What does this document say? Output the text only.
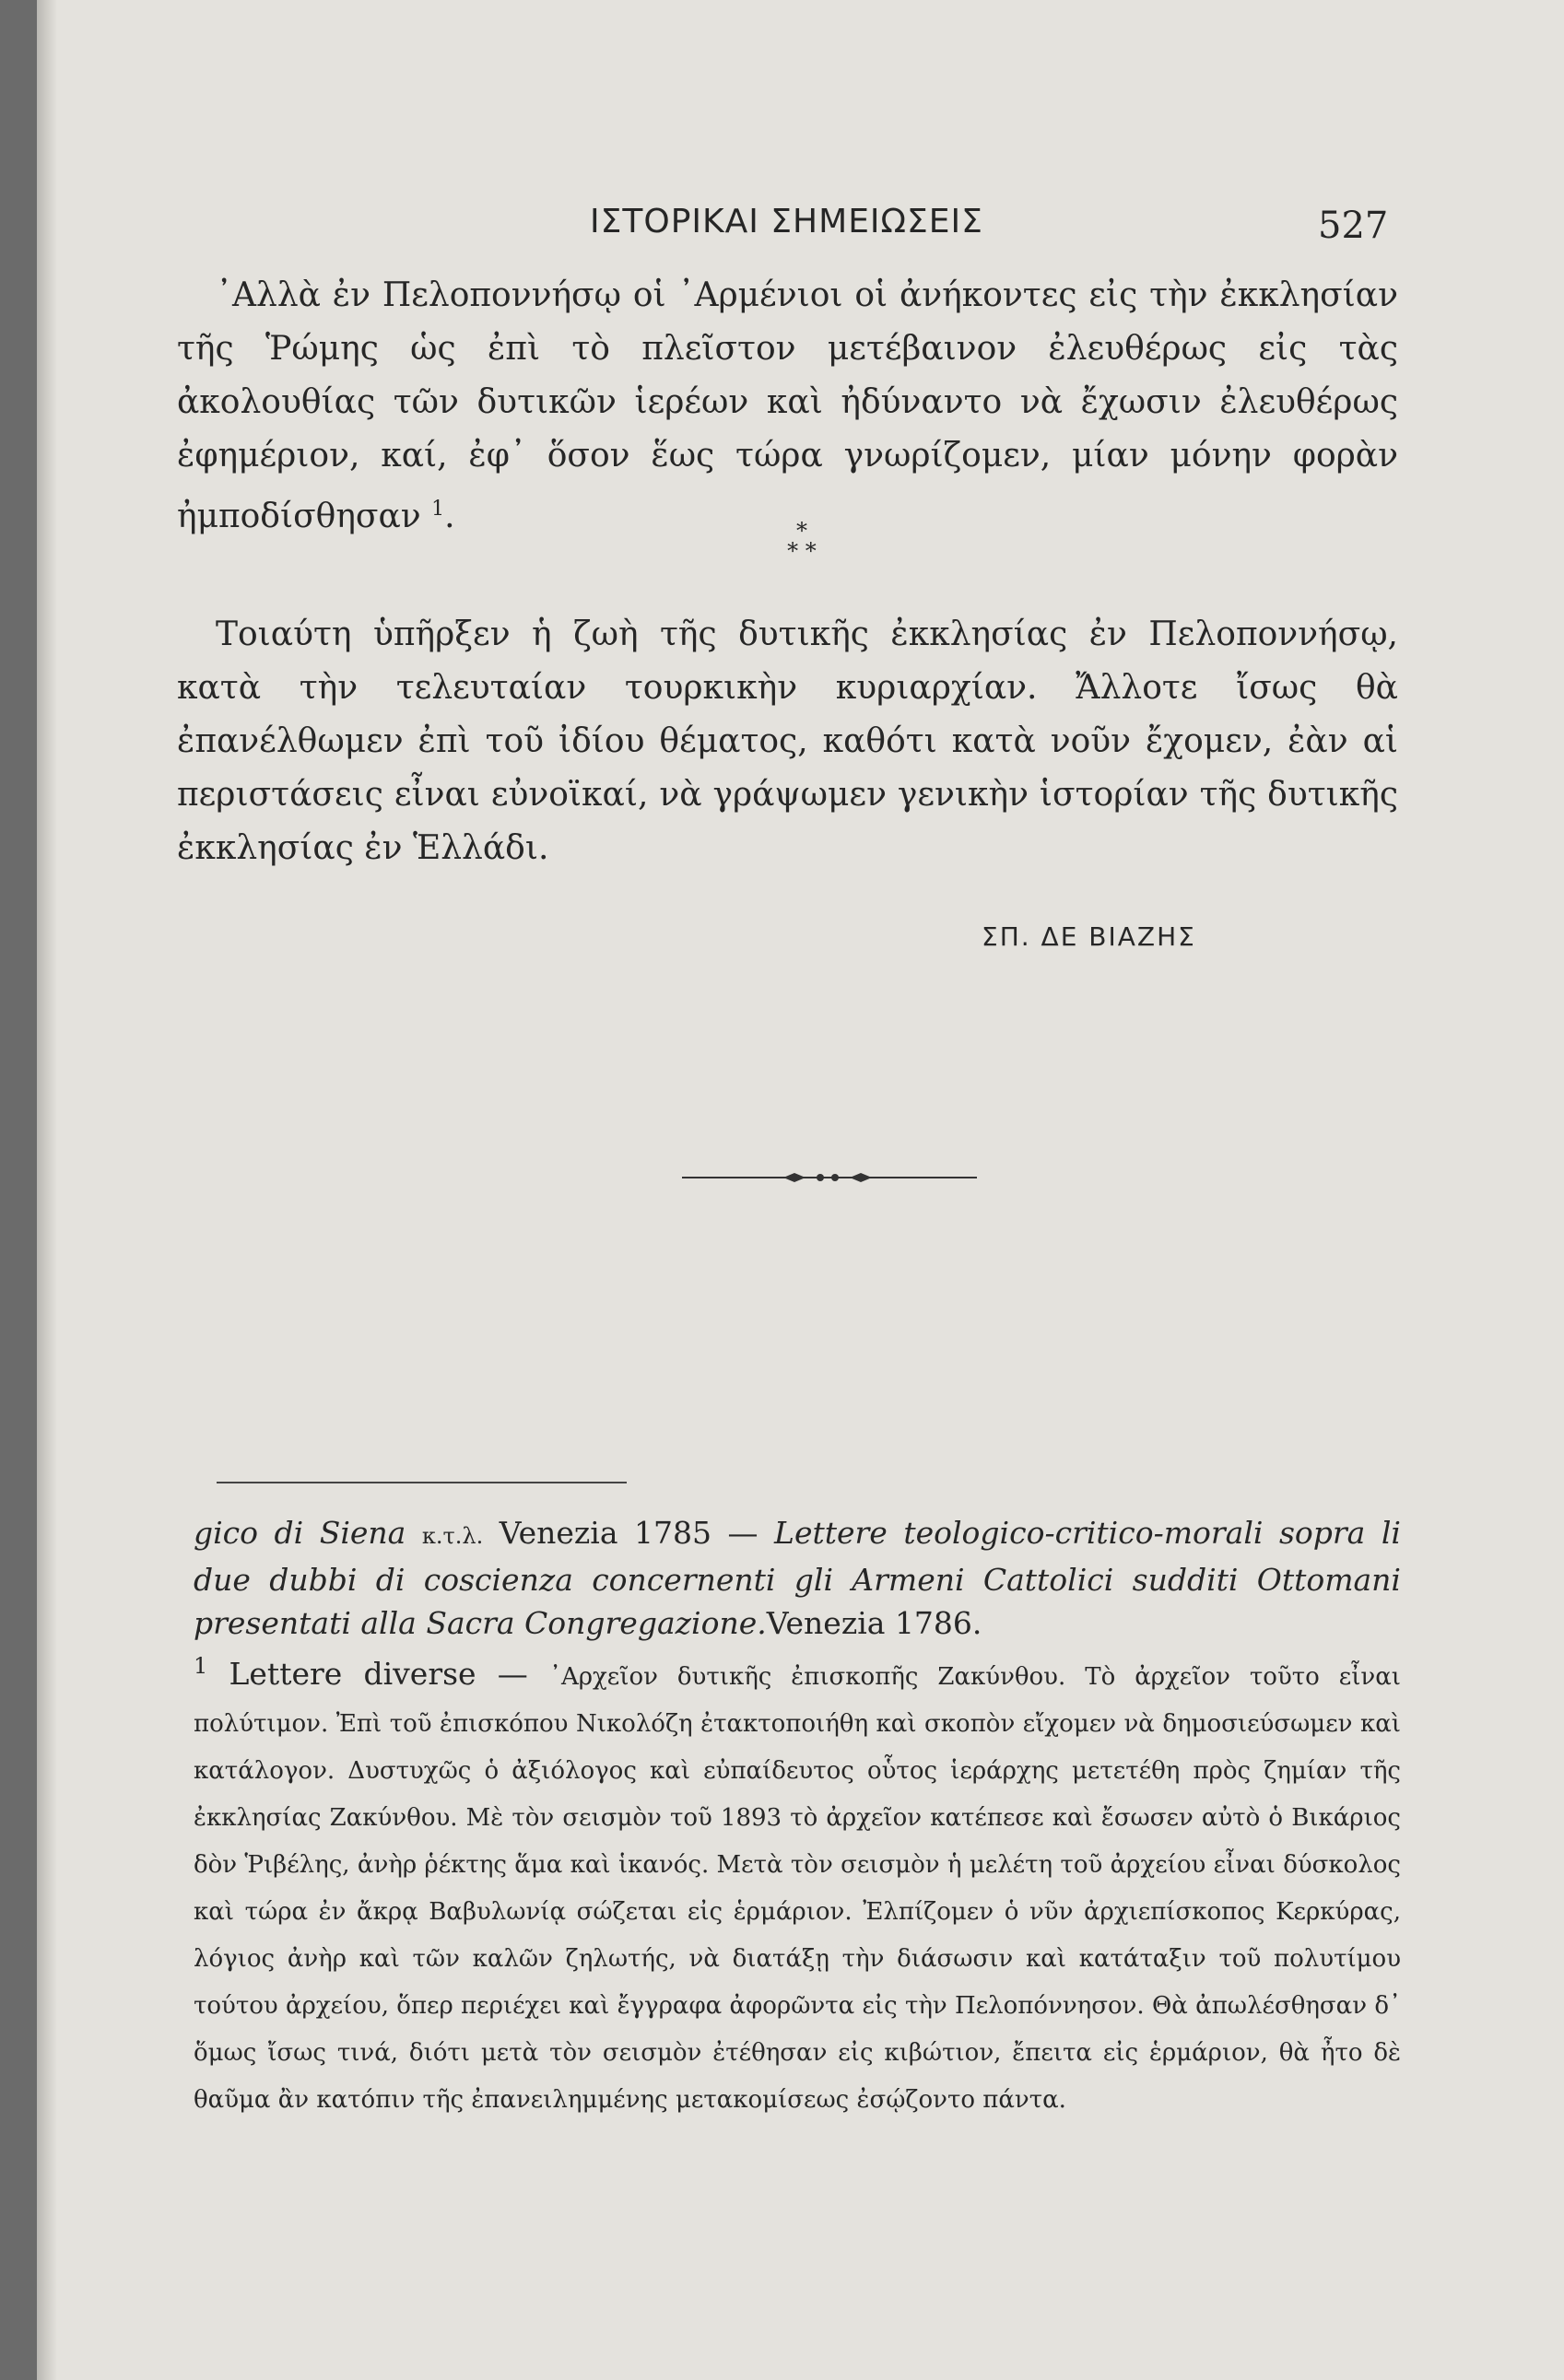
ΙΣΤΟΡΙΚΑΙ ΣΗΜΕΙΩΣΕΙΣ	527

᾿Αλλὰ ἐν Πελοποννήσῳ οἱ ᾿Αρμένιοι οἱ ἀνήκοντες εἰς τὴν ἐκκλησίαν τῆς Ῥώμης ὡς ἐπὶ τὸ πλεῖστον μετέβαινον ἐλευθέρως εἰς τὰς ἀκολουθίας τῶν δυτικῶν ἱερέων καὶ ἠδύναντο νὰ ἔχωσιν ἐλευθέρως ἐφημέριον, καί, ἐφ᾿ ὅσον ἕως τώρα γνωρίζομεν, μίαν μόνην φορὰν ἠμποδίσθησαν $^1$.	*
* *

Τοιαύτη ὑπῆρξεν ἡ ζωὴ τῆς δυτικῆς ἐκκλησίας ἐν Πελοποννήσῳ, κατὰ τὴν τελευταίαν τουρκικὴν κυριαρχίαν. Ἄλλοτε ἴσως θὰ ἐπανέλθωμεν ἐπὶ τοῦ ἰδίου θέματος, καθότι κατὰ νοῦν ἔχομεν, ἐὰν αἱ περιστάσεις εἶναι εὐνοϊκαί, νὰ γράψωμεν γενικὴν ἱστορίαν τῆς δυτικῆς ἐκκλησίας ἐν Ἑλλάδι.

ΣΠ. ΔΕ ΒΙΑΖΗΣ

gico di Siena κ.τ.λ. Venezia 1785 — Lettere teologico-critico-morali sopra li due dubbi di coscienza concernenti gli Armeni Cattolici sudditi Ottomani presentati alla Sacra Congregazione.Venezia 1786.

$^1$ Lettere diverse — ᾿Αρχεῖον δυτικῆς ἐπισκοπῆς Ζακύνθου. Τὸ ἀρχεῖον τοῦτο εἶναι πολύτιμον. Ἐπὶ τοῦ ἐπισκόπου Νικολόζη ἐτακτοποιήθη καὶ σκοπὸν εἴχομεν νὰ δημοσιεύσωμεν καὶ κατάλογον. Δυστυχῶς ὁ ἀξιόλογος καὶ εὐπαίδευτος οὗτος ἱεράρχης μετετέθη πρὸς ζημίαν τῆς ἐκκλησίας Ζακύνθου. Μὲ τὸν σεισμὸν τοῦ 1893 τὸ ἀρχεῖον κατέπεσε καὶ ἔσωσεν αὐτὸ ὁ Βικάριος δὸν Ῥιβέλης, ἀνὴρ ῥέκτης ἅμα καὶ ἱκανός. Μετὰ τὸν σεισμὸν ἡ μελέτη τοῦ ἀρχείου εἶναι δύσκολος καὶ τώρα ἐν ἄκρᾳ Βαβυλωνίᾳ σώζεται εἰς ἑρμάριον. Ἐλπίζομεν ὁ νῦν ἀρχιεπίσκοπος Κερκύρας, λόγιος ἀνὴρ καὶ τῶν καλῶν ζηλωτής, νὰ διατάξῃ τὴν διάσωσιν καὶ κατάταξιν τοῦ πολυτίμου τούτου ἀρχείου, ὅπερ περιέχει καὶ ἔγγραφα ἀφορῶντα εἰς τὴν Πελοπόννησον. Θὰ ἀπωλέσθησαν δ᾿ ὅμως ἴσως τινά, διότι μετὰ τὸν σεισμὸν ἐτέθησαν εἰς κιβώτιον, ἔπειτα εἰς ἑρμάριον, θὰ ἦτο δὲ θαῦμα ἂν κατόπιν τῆς ἐπανειλημμένης μετακομίσεως ἐσῴζοντο πάντα.
